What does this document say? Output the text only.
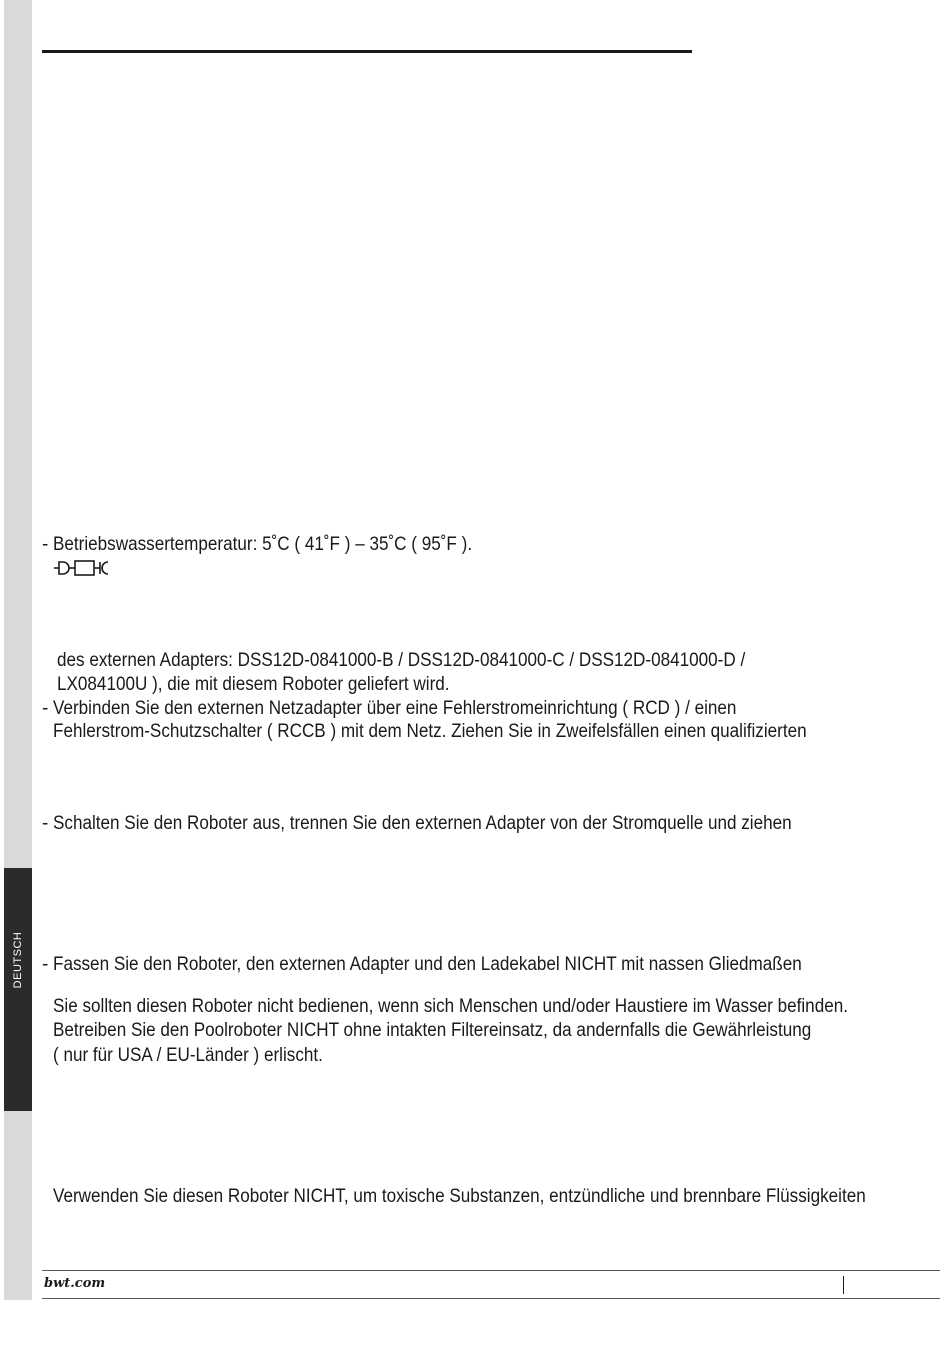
DEUTSCH
- Betriebswassertemperatur: 5˚C ( 41˚F ) – 35˚C ( 95˚F ).
des externen Adapters: DSS12D-0841000-B / DSS12D-0841000-C / DSS12D-0841000-D /
LX084100U ), die mit diesem Roboter geliefert wird.
- Verbinden Sie den externen Netzadapter über eine Fehlerstromeinrichtung ( RCD ) / einen
Fehlerstrom-Schutzschalter ( RCCB ) mit dem Netz. Ziehen Sie in Zweifelsfällen einen qualifizierten
- Schalten Sie den Roboter aus, trennen Sie den externen Adapter von der Stromquelle und ziehen
- Fassen Sie den Roboter, den externen Adapter und den Ladekabel NICHT mit nassen Gliedmaßen
Sie sollten diesen Roboter nicht bedienen, wenn sich Menschen und/oder Haustiere im Wasser befinden.
Betreiben Sie den Poolroboter NICHT ohne intakten Filtereinsatz, da andernfalls die Gewährleistung
( nur für USA / EU-Länder ) erlischt.
Verwenden Sie diesen Roboter NICHT, um toxische Substanzen, entzündliche und brennbare Flüssigkeiten
bwt.com
